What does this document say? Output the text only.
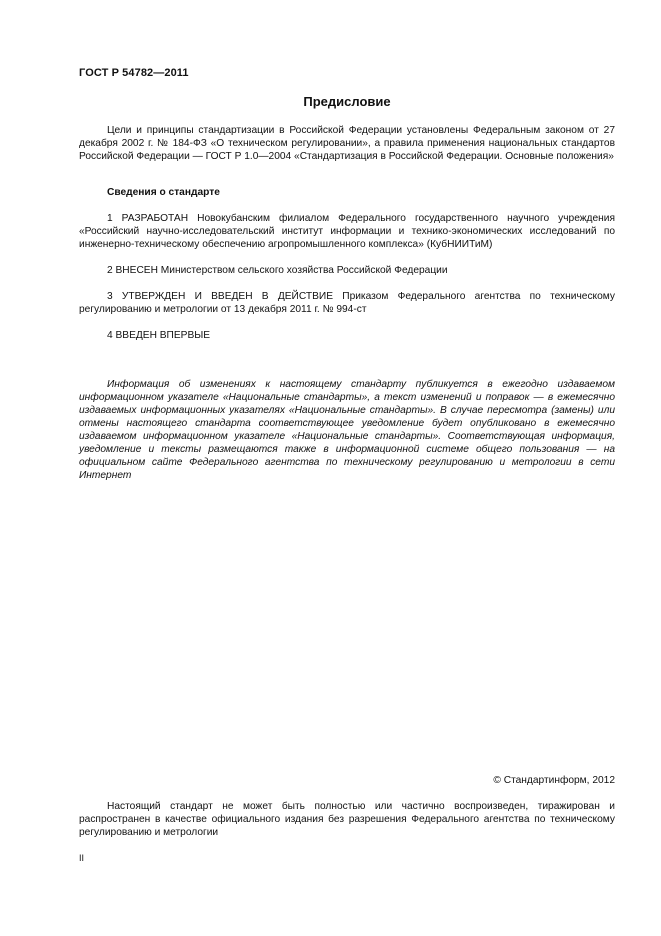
ГОСТ Р 54782—2011
Предисловие

Цели и принципы стандартизации в Российской Федерации установлены Федеральным законом от 27 декабря 2002 г. № 184-ФЗ «О техническом регулировании», а правила применения национальных стандартов Российской Федерации — ГОСТ Р 1.0—2004 «Стандартизация в Российской Федерации. Основные положения»

Сведения о стандарте

1 РАЗРАБОТАН Новокубанским филиалом Федерального государственного научного учреждения «Российский научно-исследовательский институт информации и технико-экономических исследований по инженерно-техническому обеспечению агропромышленного комплекса» (КубНИИТиМ)

2 ВНЕСЕН Министерством сельского хозяйства Российской Федерации

3 УТВЕРЖДЕН И ВВЕДЕН В ДЕЙСТВИЕ Приказом Федерального агентства по техническому регулированию и метрологии от 13 декабря 2011 г. № 994-ст

4 ВВЕДЕН ВПЕРВЫЕ

Информация об изменениях к настоящему стандарту публикуется в ежегодно издаваемом информационном указателе «Национальные стандарты», а текст изменений и поправок — в ежемесячно издаваемых информационных указателях «Национальные стандарты». В случае пересмотра (замены) или отмены настоящего стандарта соответствующее уведомление будет опубликовано в ежемесячно издаваемом информационном указателе «Национальные стандарты». Соответствующая информация, уведомление и тексты размещаются также в информационной системе общего пользования — на официальном сайте Федерального агентства по техническому регулированию и метрологии в сети Интернет

© Стандартинформ, 2012

Настоящий стандарт не может быть полностью или частично воспроизведен, тиражирован и распространен в качестве официального издания без разрешения Федерального агентства по техническому регулированию и метрологии

II
